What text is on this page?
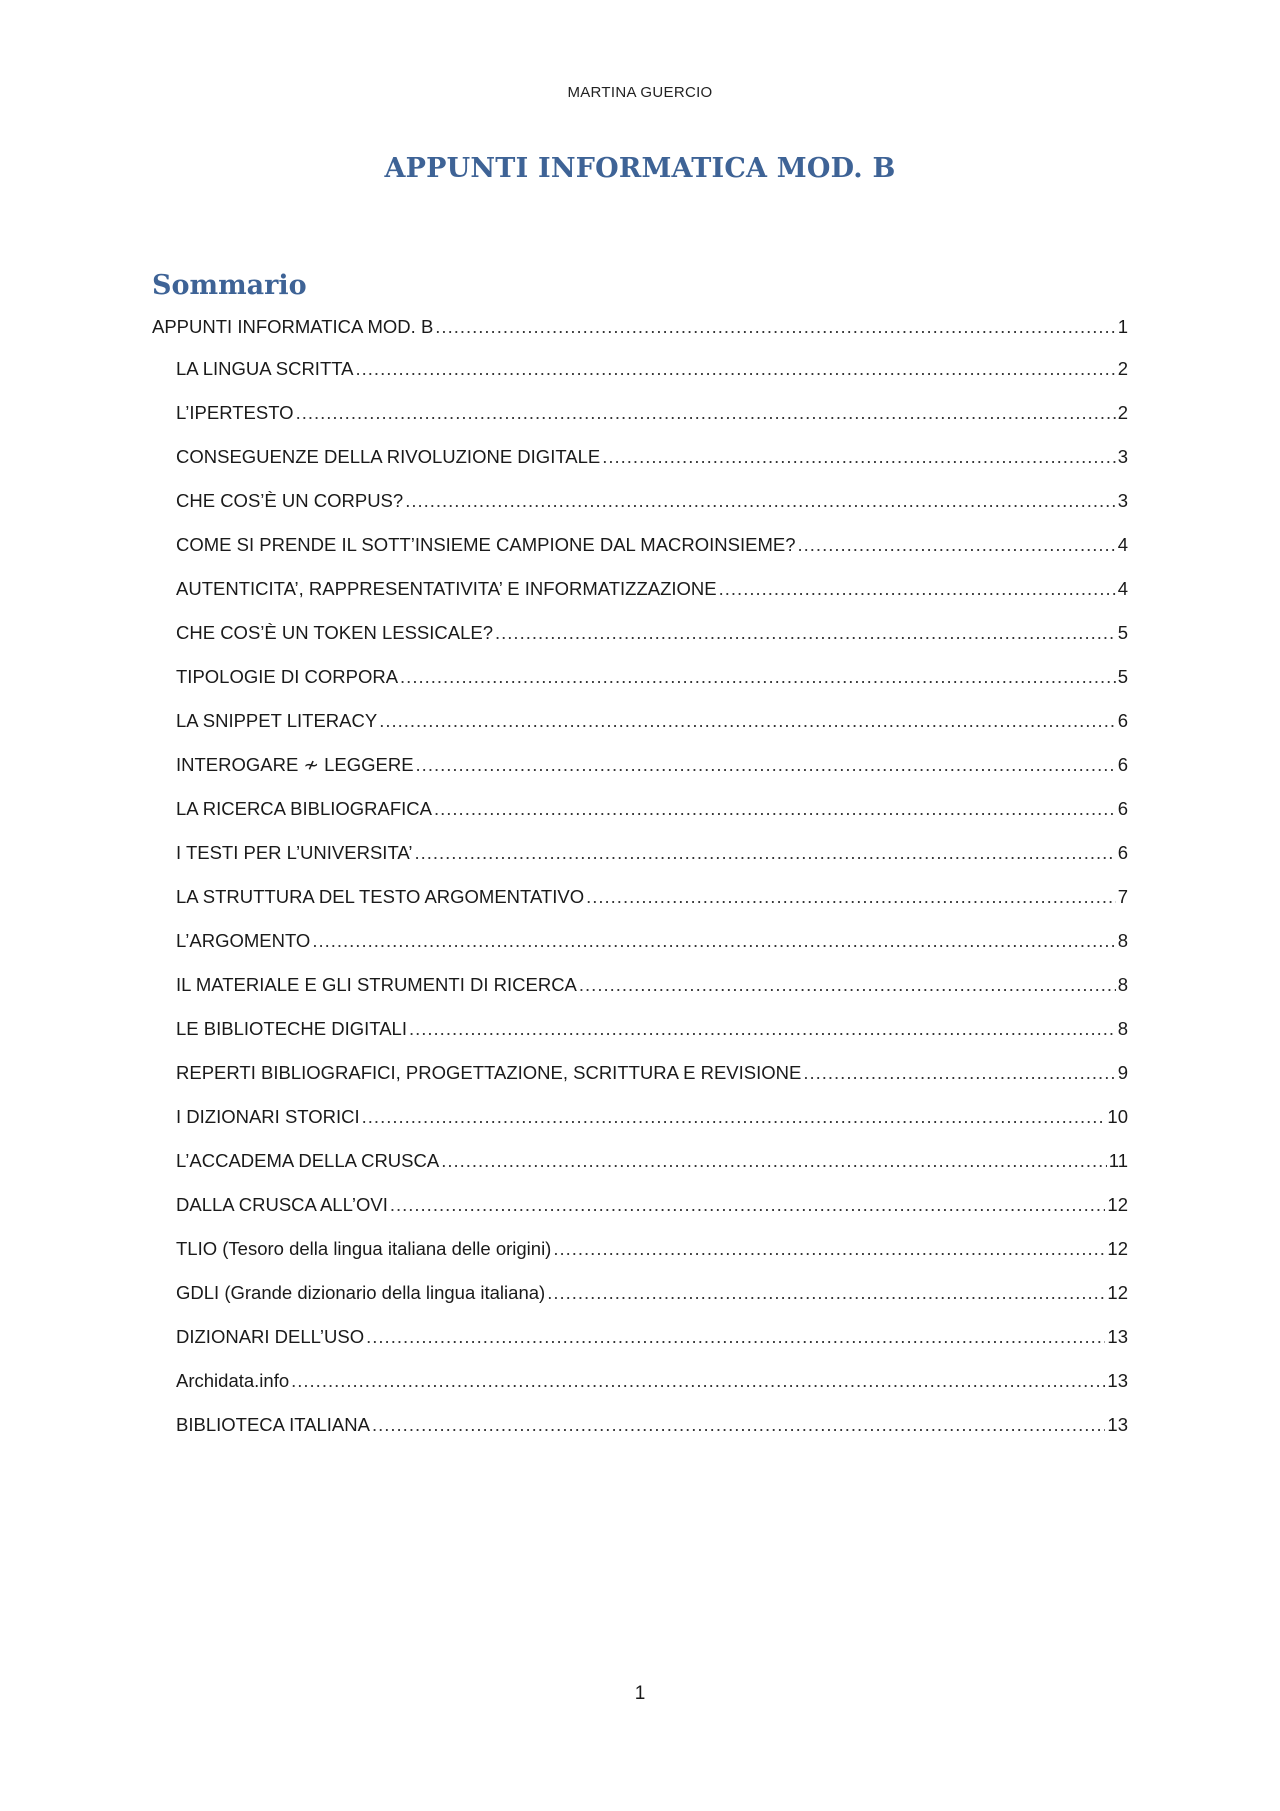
MARTINA GUERCIO
APPUNTI INFORMATICA MOD. B
Sommario
APPUNTI INFORMATICA MOD. B .....	1
LA LINGUA SCRITTA .....	2
L’IPERTESTO .....	2
CONSEGUENZE DELLA RIVOLUZIONE DIGITALE .....	3
CHE COS’È UN CORPUS? .....	3
COME SI PRENDE IL SOTT’INSIEME CAMPIONE DAL MACROINSIEME? .....	4
AUTENTICITA’, RAPPRESENTATIVITA’ E INFORMATIZZAZIONE .....	4
CHE COS’È UN TOKEN LESSICALE? .....	5
TIPOLOGIE DI CORPORA .....	5
LA SNIPPET LITERACY .....	6
INTEROGARE ≁ LEGGERE .....	6
LA RICERCA BIBLIOGRAFICA .....	6
I TESTI PER L’UNIVERSITA’ .....	6
LA STRUTTURA DEL TESTO ARGOMENTATIVO .....	7
L’ARGOMENTO .....	8
IL MATERIALE E GLI STRUMENTI DI RICERCA .....	8
LE BIBLIOTECHE DIGITALI .....	8
REPERTI BIBLIOGRAFICI, PROGETTAZIONE, SCRITTURA E REVISIONE .....	9
I DIZIONARI STORICI .....	10
L’ACCADEMA DELLA CRUSCA .....	11
DALLA CRUSCA ALL’OVI .....	12
TLIO (Tesoro della lingua italiana delle origini) .....	12
GDLI (Grande dizionario della lingua italiana) .....	12
DIZIONARI DELL’USO .....	13
Archidata.info .....	13
BIBLIOTECA ITALIANA .....	13
1
